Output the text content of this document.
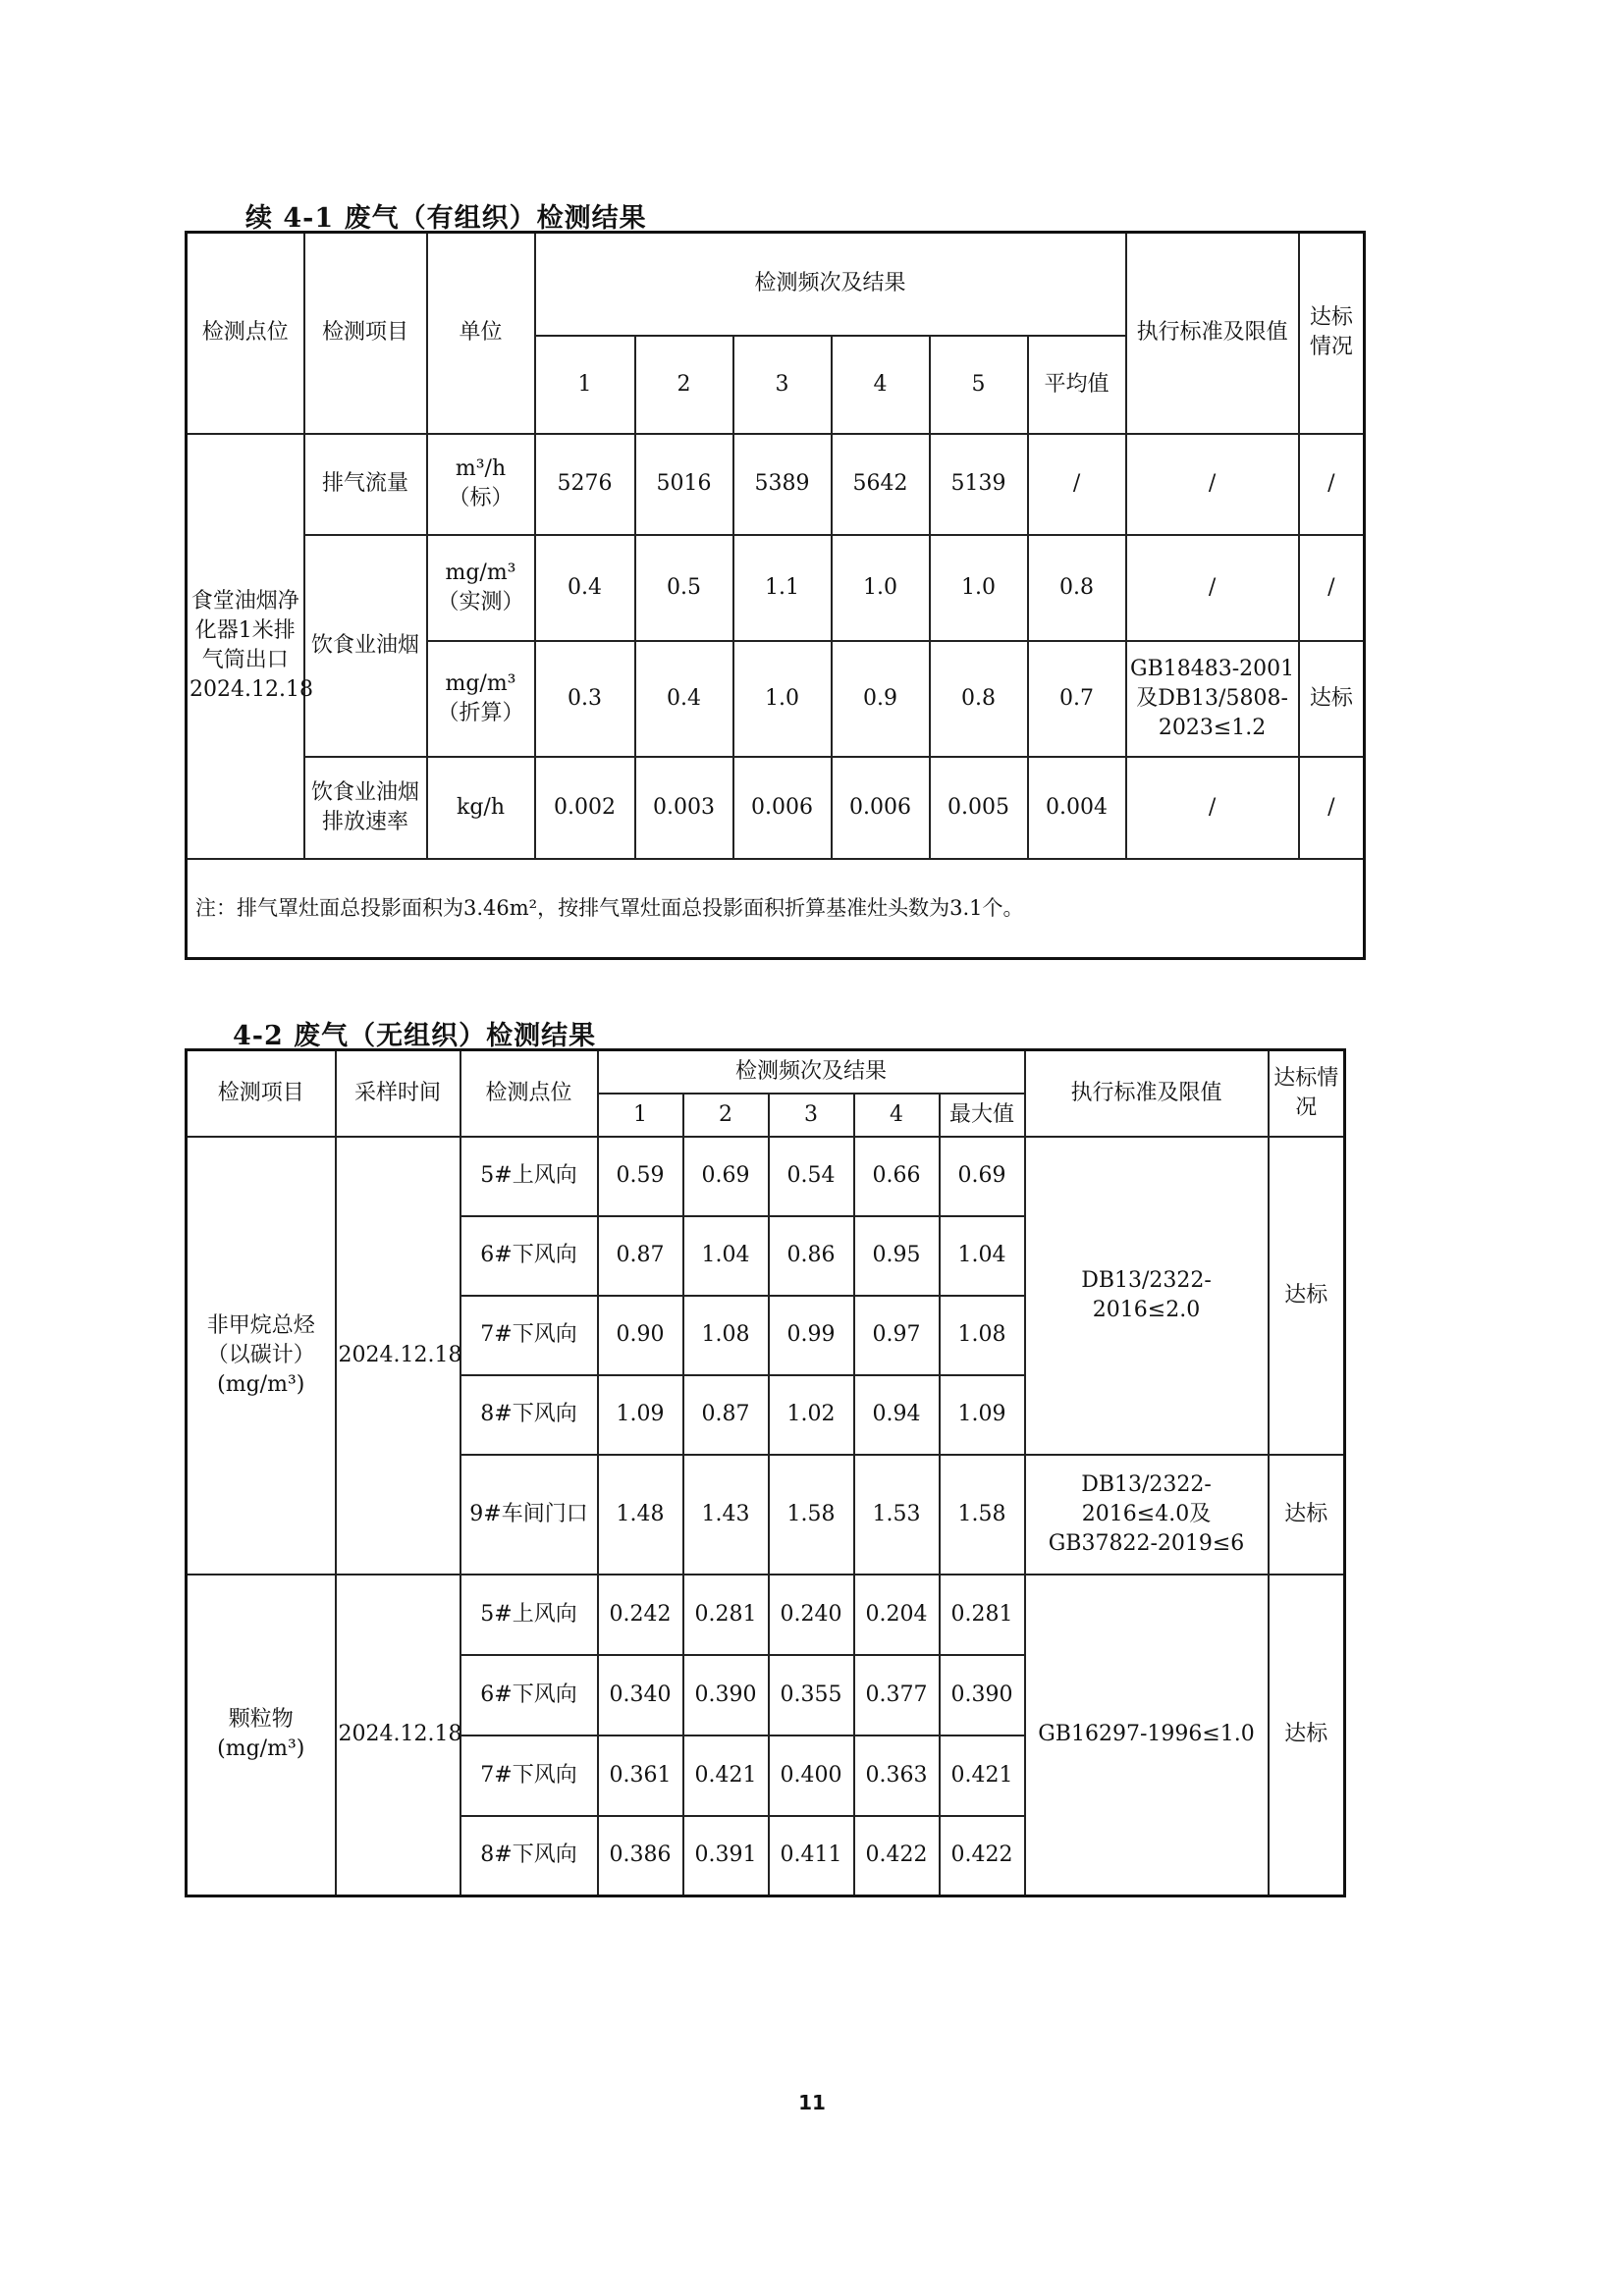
续 4-1 废气（有组织）检测结果
检测点位	检测项目	单位	检测频次及结果						执行标准及限值	达标情况
			1	2	3	4	5	平均值		
食堂油烟净化器1米排气筒出口2024.12.18	排气流量	m³/h（标）	5276	5016	5389	5642	5139	/	/	/
	饮食业油烟	mg/m³（实测）	0.4	0.5	1.1	1.0	1.0	0.8	/	/
		mg/m³（折算）	0.3	0.4	1.0	0.9	0.8	0.7	GB18483-2001及DB13/5808-2023≤1.2	达标
	饮食业油烟排放速率	kg/h	0.002	0.003	0.006	0.006	0.005	0.004	/	/
注：排气罩灶面总投影面积为3.46m²，按排气罩灶面总投影面积折算基准灶头数为3.1个。										
4-2 废气（无组织）检测结果
检测项目	采样时间	检测点位	检测频次及结果					执行标准及限值	达标情况
			1	2	3	4	最大值		
非甲烷总烃（以碳计）(mg/m³)	2024.12.18	5#上风向	0.59	0.69	0.54	0.66	0.69	DB13/2322-2016≤2.0	达标
		6#下风向	0.87	1.04	0.86	0.95	1.04		
		7#下风向	0.90	1.08	0.99	0.97	1.08		
		8#下风向	1.09	0.87	1.02	0.94	1.09		
		9#车间门口	1.48	1.43	1.58	1.53	1.58	DB13/2322-2016≤4.0及GB37822-2019≤6	达标
颗粒物(mg/m³)	2024.12.18	5#上风向	0.242	0.281	0.240	0.204	0.281	GB16297-1996≤1.0	达标
		6#下风向	0.340	0.390	0.355	0.377	0.390		
		7#下风向	0.361	0.421	0.400	0.363	0.421		
		8#下风向	0.386	0.391	0.411	0.422	0.422		
11
